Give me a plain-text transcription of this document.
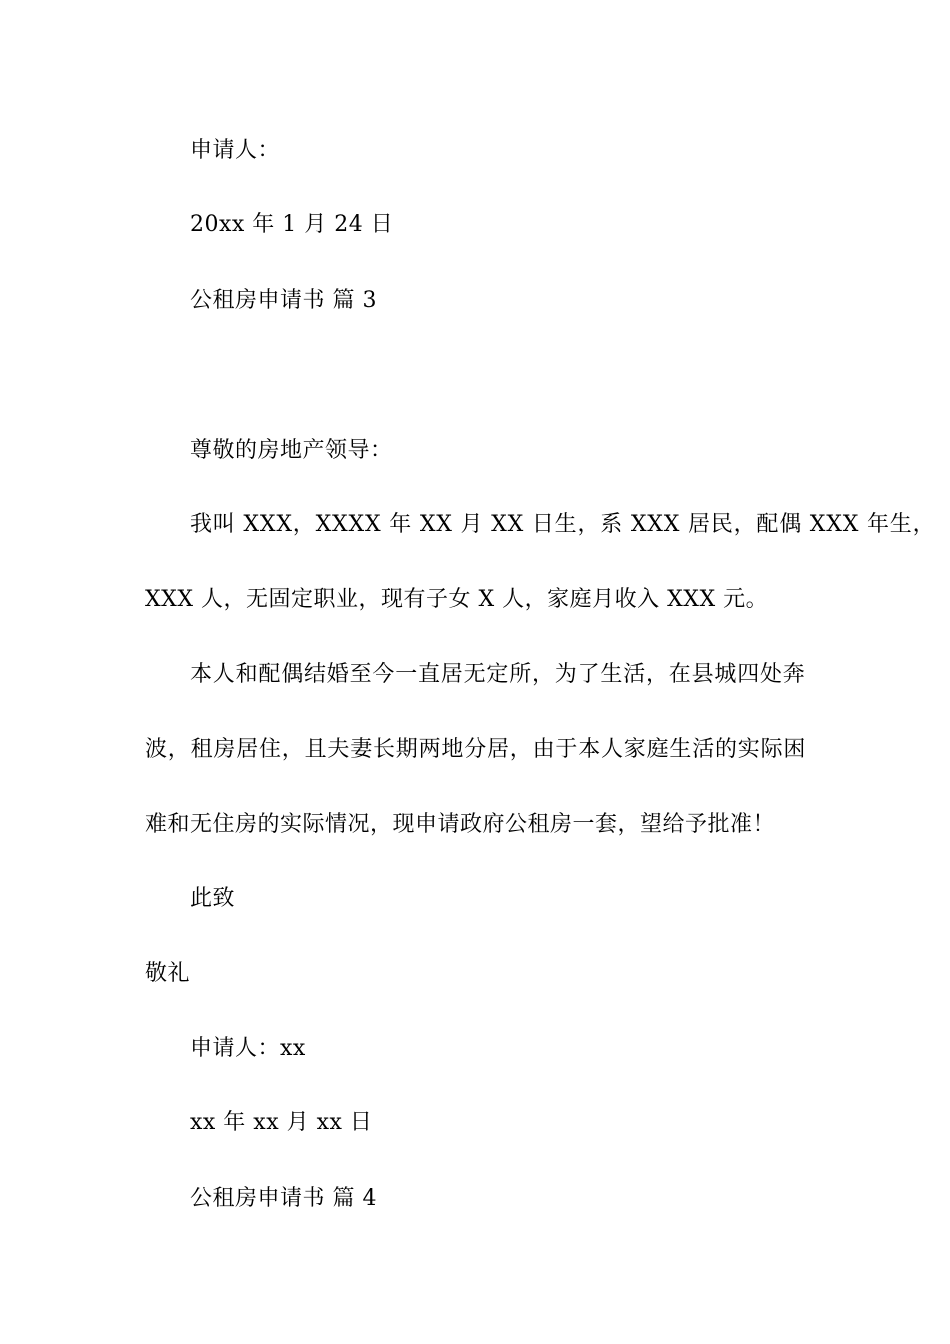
申请人：
20xx 年 1 月 24 日
公租房申请书 篇 3
尊敬的房地产领导：
我叫 XXX，XXXX 年 XX 月 XX 日生，系 XXX 居民，配偶 XXX 年生，
XXX 人，无固定职业，现有子女 X 人，家庭月收入 XXX 元。
本人和配偶结婚至今一直居无定所，为了生活，在县城四处奔
波，租房居住，且夫妻长期两地分居，由于本人家庭生活的实际困
难和无住房的实际情况，现申请政府公租房一套，望给予批准！
此致
敬礼
申请人：xx
xx 年 xx 月 xx 日
公租房申请书 篇 4
